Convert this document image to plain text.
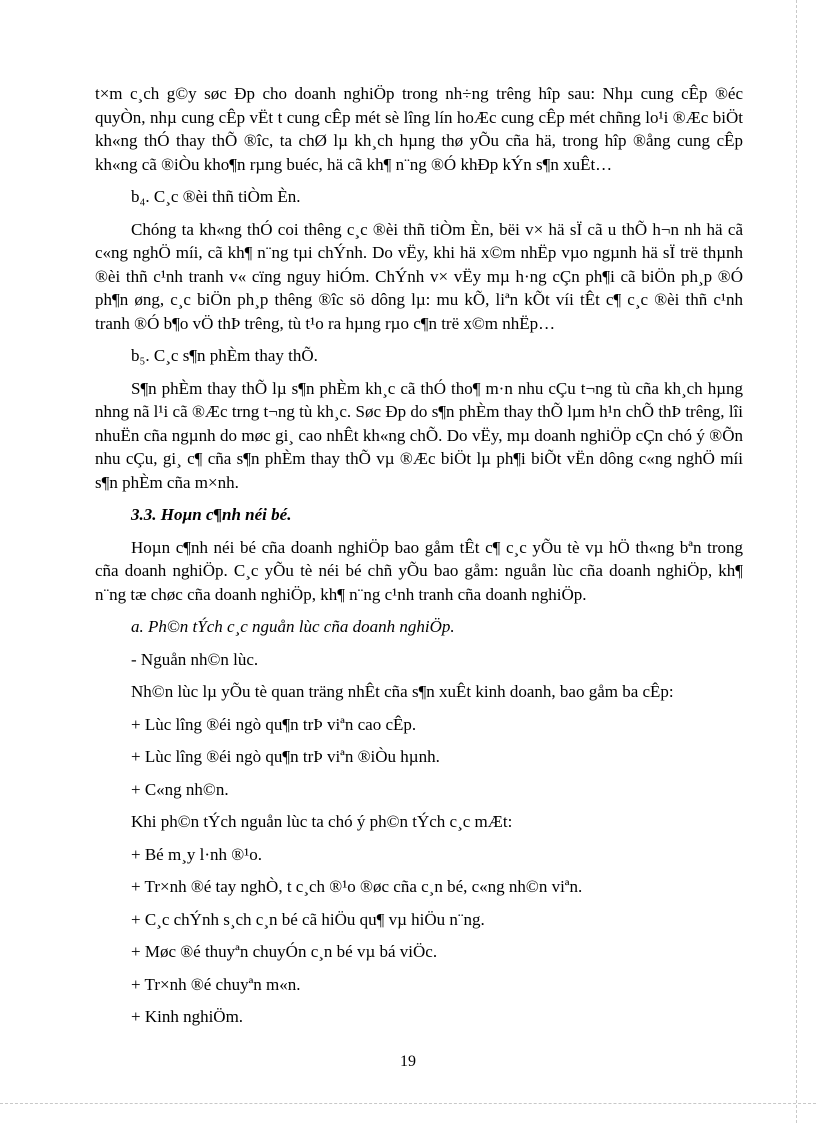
t×m c¸ch g©y søc Ðp cho doanh nghiÖp trong nh÷ng trêng hîp sau: Nhµ cung cÊp ®éc quyÒn, nhµ cung cÊp vËt t cung cÊp mét sè lîng lín hoÆc cung cÊp mét chñng lo¹i ®Æc biÖt kh«ng thÓ thay thÕ ®îc, ta chØ lµ kh¸ch hµng thø yÕu cña hä, trong hîp ®ång cung cÊp kh«ng cã ®iÒu kho¶n rµng buéc, hä cã kh¶ n¨ng ®Ó khÐp kÝn s¶n xuÊt…

b₄. C¸c ®èi thñ tiÒm Èn.

Chóng ta kh«ng thÓ coi thêng c¸c ®èi thñ tiÒm Èn, bëi v× hä sÏ cã u thÕ h¬n nh hä cã c«ng nghÖ míi, cã kh¶ n¨ng tµi chÝnh. Do vËy, khi hä x©m nhËp vµo ngµnh hä sÏ trë thµnh ®èi thñ c¹nh tranh v« cïng nguy hiÓm. ChÝnh v× vËy mµ h·ng cÇn ph¶i cã biÖn ph¸p ®Ó ph¶n øng, c¸c biÖn ph¸p thêng ®îc sö dông lµ: mu kÕ, liªn kÕt víi tÊt c¶ c¸c ®èi thñ c¹nh tranh ®Ó b¶o vÖ thÞ trêng, tù t¹o ra hµng rµo c¶n trë x©m nhËp…

b₅. C¸c s¶n phÈm thay thÕ.

S¶n phÈm thay thÕ lµ s¶n phÈm kh¸c cã thÓ tho¶ m·n nhu cÇu t¬ng tù cña kh¸ch hµng nhng nã l¹i cã ®Æc trng t¬ng tù kh¸c. Søc Ðp do s¶n phÈm thay thÕ lµm h¹n chÕ thÞ trêng, lîi nhuËn cña ngµnh do møc gi¸ cao nhÊt kh«ng chÕ. Do vËy, mµ doanh nghiÖp cÇn chó ý ®Õn nhu cÇu, gi¸ c¶ cña s¶n phÈm thay thÕ vµ ®Æc biÖt lµ ph¶i biÕt vËn dông c«ng nghÖ míi s¶n phÈm cña m×nh.

3.3. Hoµn c¶nh néi bé.

Hoµn c¶nh néi bé cña doanh nghiÖp bao gåm tÊt c¶ c¸c yÕu tè vµ hÖ th«ng bªn trong cña doanh nghiÖp. C¸c yÕu tè néi bé chñ yÕu bao gåm: nguån lùc cña doanh nghiÖp, kh¶ n¨ng tæ chøc cña doanh nghiÖp, kh¶ n¨ng c¹nh tranh cña doanh nghiÖp.

a. Ph©n tÝch c¸c nguån lùc cña doanh nghiÖp.

- Nguån nh©n lùc.

Nh©n lùc lµ yÕu tè quan träng nhÊt cña s¶n xuÊt kinh doanh, bao gåm ba cÊp:

+ Lùc lîng ®éi ngò qu¶n trÞ viªn cao cÊp.

+ Lùc lîng ®éi ngò qu¶n trÞ viªn ®iÒu hµnh.

+ C«ng nh©n.

Khi ph©n tÝch nguån lùc ta chó ý ph©n tÝch c¸c mÆt:

+ Bé m¸y l·nh ®¹o.

+ Tr×nh ®é tay nghÒ, t c¸ch ®¹o ®øc cña c¸n bé, c«ng nh©n viªn.

+ C¸c chÝnh s¸ch c¸n bé cã hiÖu qu¶ vµ hiÖu n¨ng.

+ Møc ®é thuyªn chuyÓn c¸n bé vµ bá viÖc.

+ Tr×nh ®é chuyªn m«n.

+ Kinh nghiÖm.

19
